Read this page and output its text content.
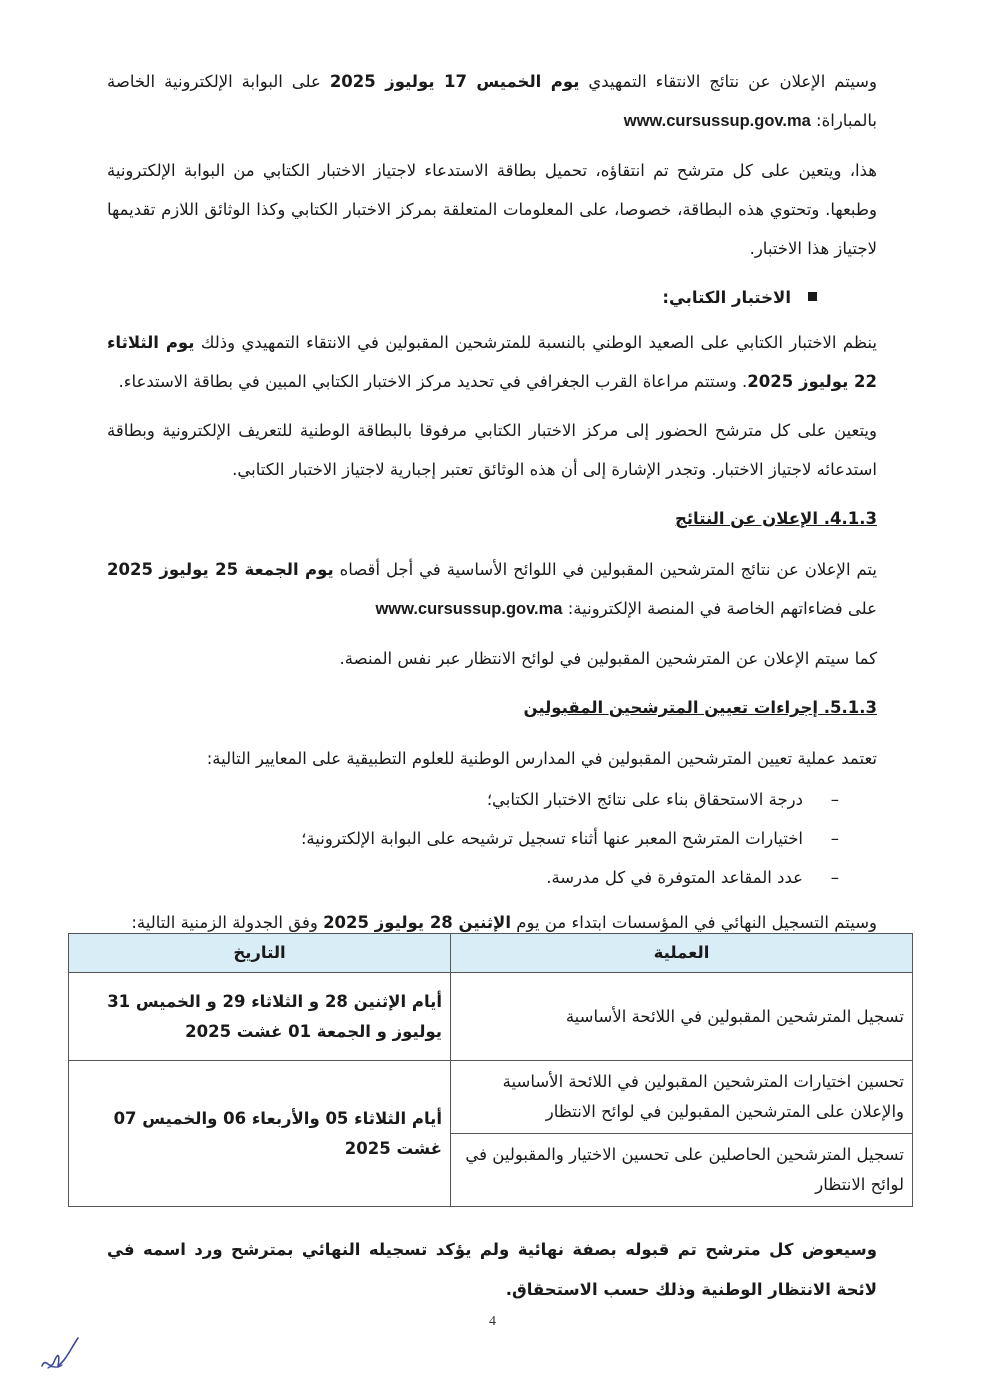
وسيتم الإعلان عن نتائج الانتقاء التمهيدي يوم الخميس 17 يوليوز 2025 على البوابة الإلكترونية الخاصة بالمباراة: www.cursussup.gov.ma

هذا، ويتعين على كل مترشح تم انتقاؤه، تحميل بطاقة الاستدعاء لاجتياز الاختبار الكتابي من البوابة الإلكترونية وطبعها. وتحتوي هذه البطاقة، خصوصا، على المعلومات المتعلقة بمركز الاختبار الكتابي وكذا الوثائق اللازم تقديمها لاجتياز هذا الاختبار.

الاختبار الكتابي:

ينظم الاختبار الكتابي على الصعيد الوطني بالنسبة للمترشحين المقبولين في الانتقاء التمهيدي وذلك يوم الثلاثاء 22 يوليوز 2025. وستتم مراعاة القرب الجغرافي في تحديد مركز الاختبار الكتابي المبين في بطاقة الاستدعاء.

ويتعين على كل مترشح الحضور إلى مركز الاختبار الكتابي مرفوقا بالبطاقة الوطنية للتعريف الإلكترونية وبطاقة استدعائه لاجتياز الاختبار. وتجدر الإشارة إلى أن هذه الوثائق تعتبر إجبارية لاجتياز الاختبار الكتابي.

4.1.3. الإعلان عن النتائج

يتم الإعلان عن نتائج المترشحين المقبولين في اللوائح الأساسية في أجل أقصاه يوم الجمعة 25 يوليوز 2025 على فضاءاتهم الخاصة في المنصة الإلكترونية: www.cursussup.gov.ma

كما سيتم الإعلان عن المترشحين المقبولين في لوائح الانتظار عبر نفس المنصة.

5.1.3. إجراءات تعيين المترشحين المقبولين

تعتمد عملية تعيين المترشحين المقبولين في المدارس الوطنية للعلوم التطبيقية على المعايير التالية:

–
درجة الاستحقاق بناء على نتائج الاختبار الكتابي؛
–
اختيارات المترشح المعبر عنها أثناء تسجيل ترشيحه على البوابة الإلكترونية؛
–
عدد المقاعد المتوفرة في كل مدرسة.

وسيتم التسجيل النهائي في المؤسسات ابتداء من يوم الإثنين 28 يوليوز 2025 وفق الجدولة الزمنية التالية:

العملية	التاريخ
تسجيل المترشحين المقبولين في اللائحة الأساسية	أيام الإثنين 28 و الثلاثاء 29 و الخميس 31 يوليوز و الجمعة 01 غشت 2025
تحسين اختيارات المترشحين المقبولين في اللائحة الأساسية والإعلان على المترشحين المقبولين في لوائح الانتظار	أيام الثلاثاء 05 والأربعاء 06 والخميس 07 غشت 2025
تسجيل المترشحين الحاصلين على تحسين الاختيار والمقبولين في لوائح الانتظار	
وسيعوض كل مترشح تم قبوله بصفة نهائية ولم يؤكد تسجيله النهائي بمترشح ورد اسمه في لائحة الانتظار الوطنية وذلك حسب الاستحقاق.
4
